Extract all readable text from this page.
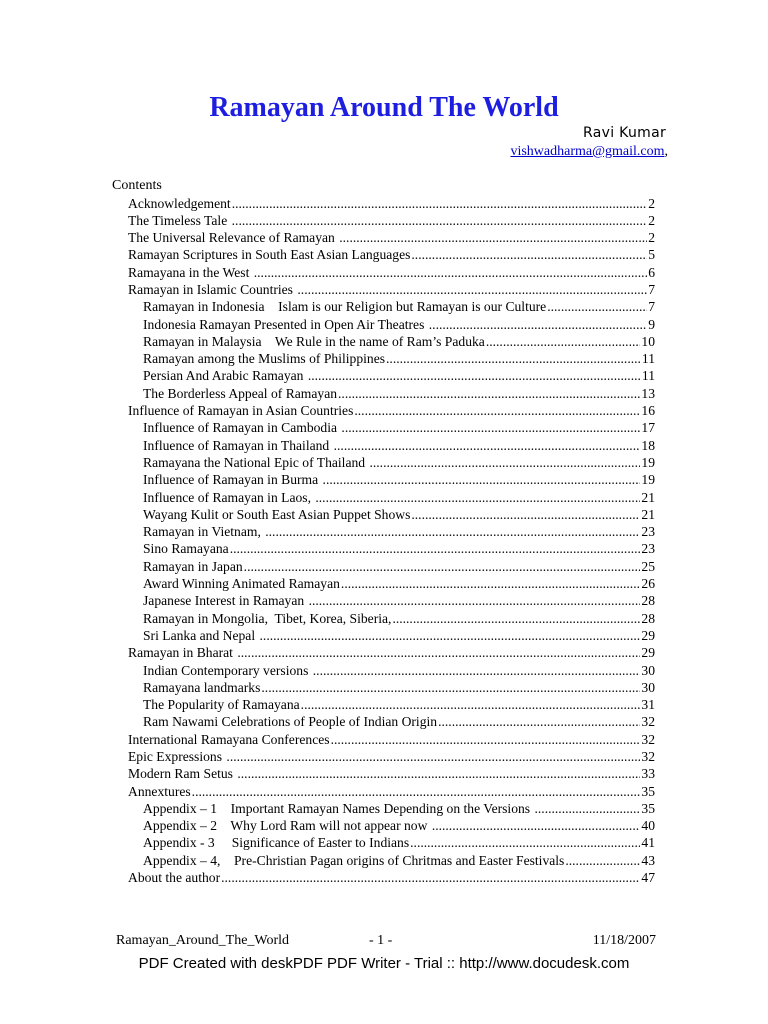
Ramayan Around The World
Ravi Kumar
vishwadharma@gmail.com,
Contents
Acknowledgement .....	2
The Timeless Tale .....	2
The Universal Relevance of Ramayan .....	2
Ramayan Scriptures in South East Asian Languages .....	5
Ramayana in the West .....	6
Ramayan in Islamic Countries .....	7
Ramayan in Indonesia    Islam is our Religion but Ramayan is our Culture .....	7
Indonesia Ramayan Presented in Open Air Theatres .....	9
Ramayan in Malaysia    We Rule in the name of Ram’s Paduka .....	10
Ramayan among the Muslims of Philippines .....	11
Persian And Arabic Ramayan .....	11
The Borderless Appeal of Ramayan .....	13
Influence of Ramayan in Asian Countries .....	16
Influence of Ramayan in Cambodia .....	17
Influence of Ramayan in Thailand .....	18
Ramayana the National Epic of Thailand .....	19
Influence of Ramayan in Burma .....	19
Influence of Ramayan in Laos, .....	21
Wayang Kulit or South East Asian Puppet Shows .....	21
Ramayan in Vietnam, .....	23
Sino Ramayana .....	23
Ramayan in Japan .....	25
Award Winning Animated Ramayan .....	26
Japanese Interest in Ramayan .....	28
Ramayan in Mongolia,  Tibet, Korea, Siberia, .....	28
Sri Lanka and Nepal .....	29
Ramayan in Bharat .....	29
Indian Contemporary versions .....	30
Ramayana landmarks .....	30
The Popularity of Ramayana .....	31
Ram Nawami Celebrations of People of Indian Origin .....	32
International Ramayana Conferences .....	32
Epic Expressions .....	32
Modern Ram Setus .....	33
Annextures .....	35
Appendix – 1    Important Ramayan Names Depending on the Versions .....	35
Appendix – 2    Why Lord Ram will not appear now .....	40
Appendix - 3     Significance of Easter to Indians .....	41
Appendix – 4,    Pre-Christian Pagan origins of Chritmas and Easter Festivals .....	43
About the author .....	47
Ramayan_Around_The_World	- 1 -	11/18/2007
PDF Created with deskPDF PDF Writer - Trial :: http://www.docudesk.com
